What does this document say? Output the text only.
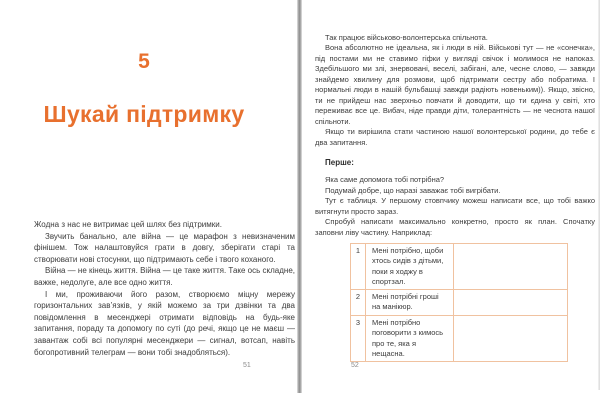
5
Шукай підтримку

Жодна з нас не витримає цей шлях без підтримки.

Звучить банально, але війна — це марафон з невизначеним фінішем. Тож налаштовуйся грати в довгу, зберігати старі та створювати нові стосунки, що підтримають себе і твого коханого.

Війна — не кінець життя. Війна — це таке життя. Таке ось складне, важке, недолуге, але все одно життя.

І ми, проживаючи його разом, створюємо міцну мережу горизонтальних зав’язків, у якій можемо за три дзвінки та два повідомлення в месенджері отримати відповідь на будь-яке запитання, пораду та допомогу по суті (до речі, якщо це не маєш — завантаж собі всі популярні месенджери — сигнал, вотсап, навіть богопротивний телеграм — вони тобі знадобляться).

51

Так працює військово-волонтерська спільнота.

Вона абсолютно не ідеальна, як і люди в ній. Військові тут — не «сонечка», під постами ми не ставимо гіфки у вигляді свічок і молимося не напоказ. Здебільшого ми злі, знервовані, веселі, забігані, але, чесне слово, — завжди знайдемо хвилину для розмови, щоб підтримати сестру або побратима. І нормальні люди в нашій бульбашці завжди радіють новеньким)). Якщо, звісно, ти не прийдеш нас зверхньо повчати й доводити, що ти єдина у світі, хто переживає все це. Вибач, ніде правди діти, толерантність — не чеснота нашої спільноти.

Якщо ти вирішила стати частиною нашої волонтерської родини, до тебе є два запитання.

Перше:

Яка саме допомога тобі потрібна?

Подумай добре, що наразі заважає тобі вигрібати.

Тут є таблиця. У першому стовпчику можеш написати все, що тобі важко витягнути просто зараз.

Спробуй написати максимально конкретно, просто як план. Спочатку заповни ліву частину. Наприклад:

1	Мені потрібно, щоби хтось сидів з дітьми, поки я ходжу в спортзал.	
2	Мені потрібні гроші на манікюр.	
3	Мені потрібно поговорити з кимось про те, яка я нещасна.	
52
